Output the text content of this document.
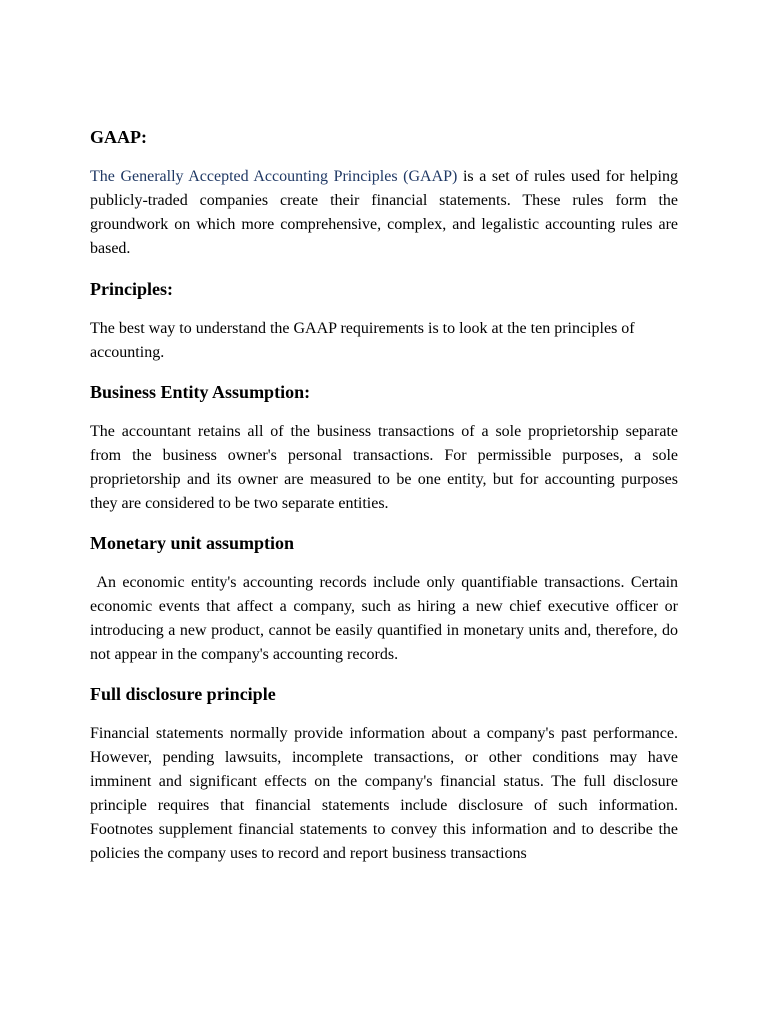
GAAP:

The Generally Accepted Accounting Principles (GAAP) is a set of rules used for helping publicly-traded companies create their financial statements. These rules form the groundwork on which more comprehensive, complex, and legalistic accounting rules are based.

Principles:

The best way to understand the GAAP requirements is to look at the ten principles of accounting.

Business Entity Assumption:

The accountant retains all of the business transactions of a sole proprietorship separate from the business owner's personal transactions. For permissible purposes, a sole proprietorship and its owner are measured to be one entity, but for accounting purposes they are considered to be two separate entities.

Monetary unit assumption

An economic entity's accounting records include only quantifiable transactions. Certain economic events that affect a company, such as hiring a new chief executive officer or introducing a new product, cannot be easily quantified in monetary units and, therefore, do not appear in the company's accounting records.

Full disclosure principle

Financial statements normally provide information about a company's past performance. However, pending lawsuits, incomplete transactions, or other conditions may have imminent and significant effects on the company's financial status. The full disclosure principle requires that financial statements include disclosure of such information. Footnotes supplement financial statements to convey this information and to describe the policies the company uses to record and report business transactions
